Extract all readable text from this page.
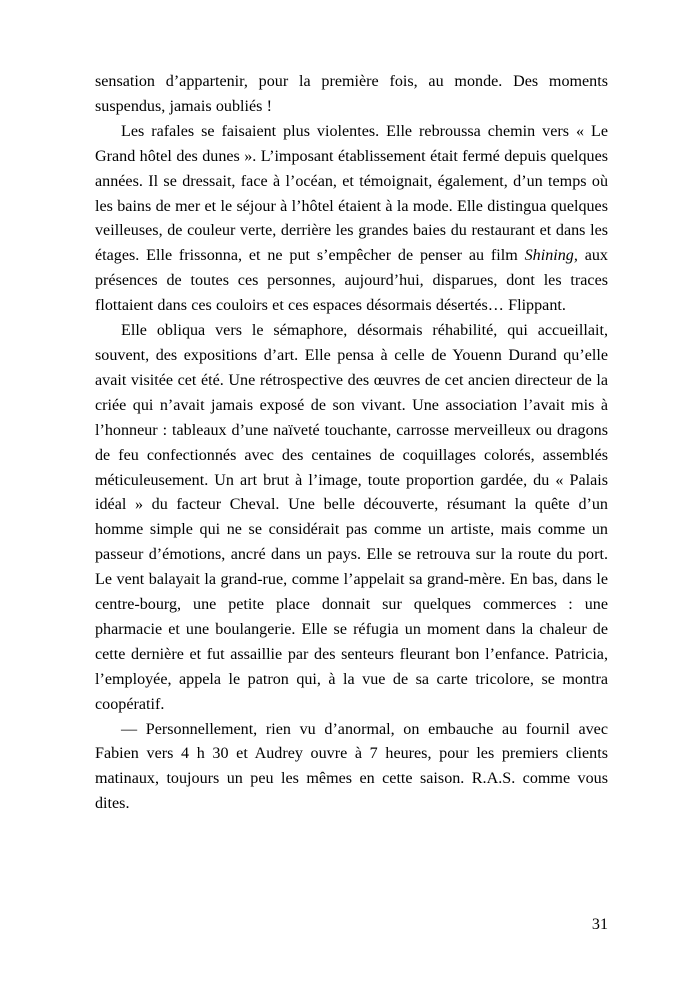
sensation d’appartenir, pour la première fois, au monde. Des moments suspendus, jamais oubliés !

Les rafales se faisaient plus violentes. Elle rebroussa chemin vers « Le Grand hôtel des dunes ». L’imposant établissement était fermé depuis quelques années. Il se dressait, face à l’océan, et témoignait, également, d’un temps où les bains de mer et le séjour à l’hôtel étaient à la mode. Elle distingua quelques veilleuses, de couleur verte, derrière les grandes baies du restaurant et dans les étages. Elle frissonna, et ne put s’empêcher de penser au film Shining, aux présences de toutes ces personnes, aujourd’hui, disparues, dont les traces flottaient dans ces couloirs et ces espaces désormais désertés… Flippant.

Elle obliqua vers le sémaphore, désormais réhabilité, qui accueillait, souvent, des expositions d’art. Elle pensa à celle de Youenn Durand qu’elle avait visitée cet été. Une rétrospective des œuvres de cet ancien directeur de la criée qui n’avait jamais exposé de son vivant. Une association l’avait mis à l’honneur : tableaux d’une naïveté touchante, carrosse merveilleux ou dragons de feu confectionnés avec des centaines de coquillages colorés, assemblés méticuleusement. Un art brut à l’image, toute proportion gardée, du « Palais idéal » du facteur Cheval. Une belle découverte, résumant la quête d’un homme simple qui ne se considérait pas comme un artiste, mais comme un passeur d’émotions, ancré dans un pays. Elle se retrouva sur la route du port. Le vent balayait la grand-rue, comme l’appelait sa grand-mère. En bas, dans le centre-bourg, une petite place donnait sur quelques commerces : une pharmacie et une boulangerie. Elle se réfugia un moment dans la chaleur de cette dernière et fut assaillie par des senteurs fleurant bon l’enfance. Patricia, l’employée, appela le patron qui, à la vue de sa carte tricolore, se montra coopératif.

— Personnellement, rien vu d’anormal, on embauche au fournil avec Fabien vers 4 h 30 et Audrey ouvre à 7 heures, pour les premiers clients matinaux, toujours un peu les mêmes en cette saison. R.A.S. comme vous dites.

31
